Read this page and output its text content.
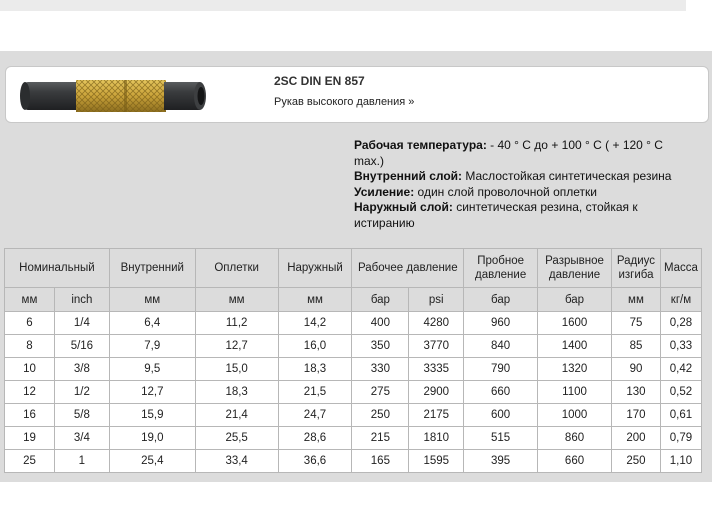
2SC DIN EN 857
Рукав высокого давления »
Рабочая температура: - 40 ° C до + 100 ° C ( + 120 ° C max.)
Внутренний слой: Маслостойкая синтетическая резина
Усиление: один слой проволочной оплетки
Наружный слой: синтетическая резина, стойкая к истиранию
Номинальный		Внутренний	Оплетки	Наружный	Рабочее давление		Пробное давление	Разрывное давление	Радиус изгиба	Масса
мм	inch	мм	мм	мм	бар	psi	бар	бар	мм	кг/м
6	1/4	6,4	11,2	14,2	400	4280	960	1600	75	0,28
8	5/16	7,9	12,7	16,0	350	3770	840	1400	85	0,33
10	3/8	9,5	15,0	18,3	330	3335	790	1320	90	0,42
12	1/2	12,7	18,3	21,5	275	2900	660	1100	130	0,52
16	5/8	15,9	21,4	24,7	250	2175	600	1000	170	0,61
19	3/4	19,0	25,5	28,6	215	1810	515	860	200	0,79
25	1	25,4	33,4	36,6	165	1595	395	660	250	1,10
